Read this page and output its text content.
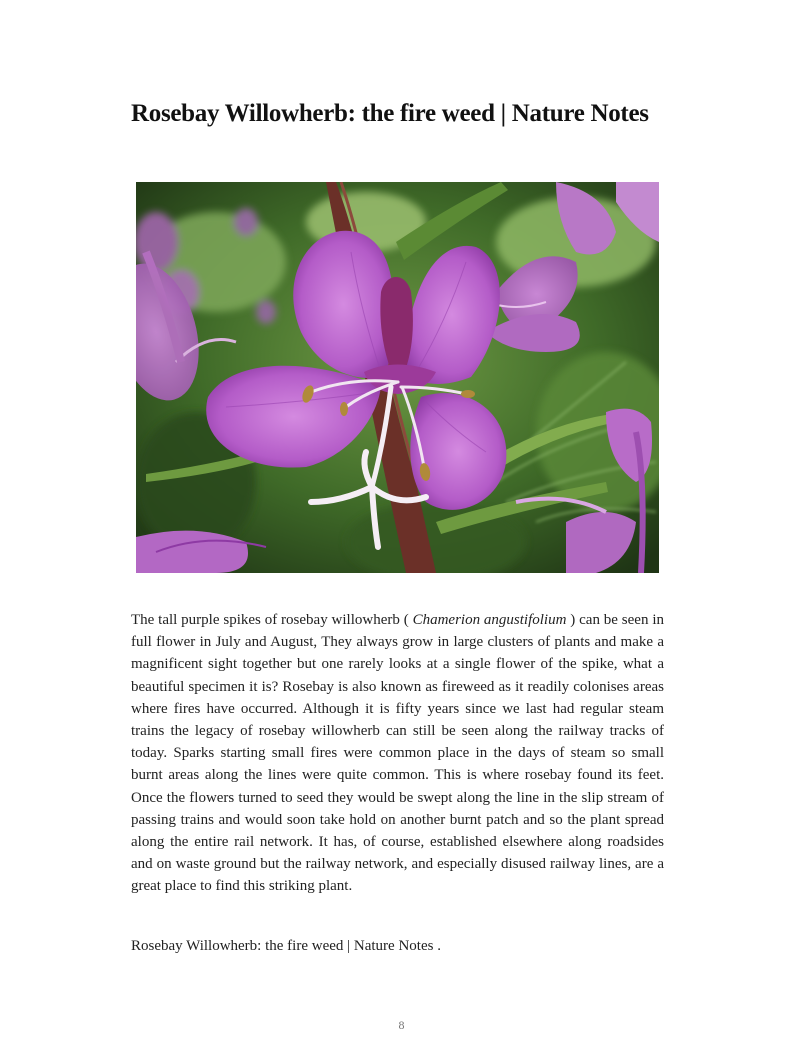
Rosebay Willowherb: the fire weed | Nature Notes

The tall purple spikes of rosebay willowherb ( Chamerion angustifolium ) can be seen in full flower in July and August, They always grow in large clusters of plants and make a magnificent sight together but one rarely looks at a single flower of the spike, what a beautiful specimen it is? Rosebay is also known as fireweed as it readily colonises areas where fires have occurred. Although it is fifty years since we last had regular steam trains the legacy of rosebay willowherb can still be seen along the railway tracks of today. Sparks starting small fires were common place in the days of steam so small burnt areas along the lines were quite common. This is where rosebay found its feet. Once the flowers turned to seed they would be swept along the line in the slip stream of passing trains and would soon take hold on another burnt patch and so the plant spread along the entire rail network. It has, of course, established elsewhere along roadsides and on waste ground but the railway network, and especially disused railway lines, are a great place to find this striking plant.

Rosebay Willowherb: the fire weed | Nature Notes .

8
